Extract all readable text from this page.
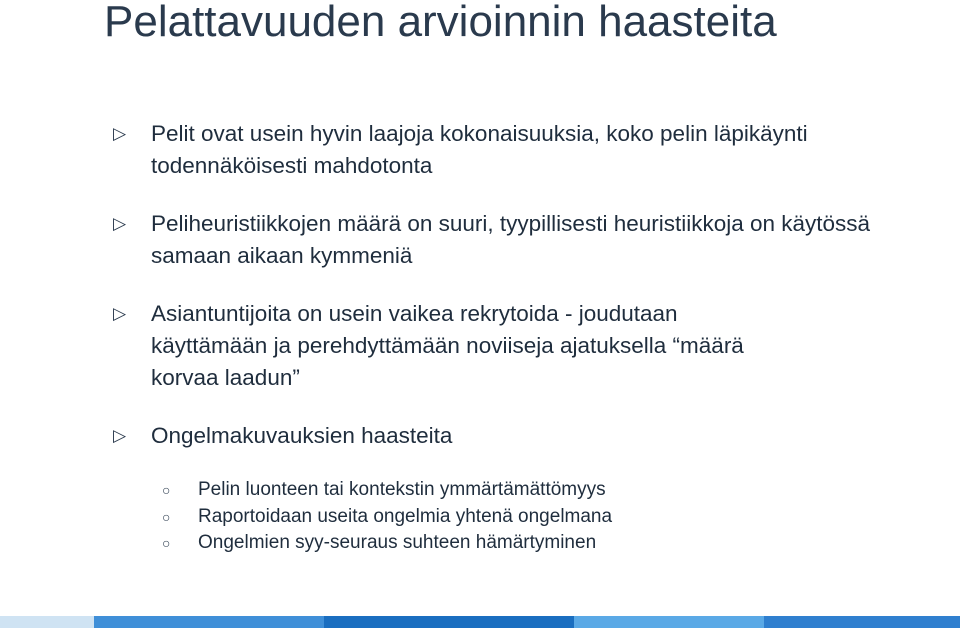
Pelattavuuden arvioinnin haasteita
▷ Pelit ovat usein hyvin laajoja kokonaisuuksia, koko pelin läpikäynti todennäköisesti mahdotonta
▷ Peliheuristiikkojen määrä on suuri, tyypillisesti heuristiikkoja on käytössä samaan aikaan kymmeniä
▷ Asiantuntijoita on usein vaikea rekrytoida - joudutaan käyttämään ja perehdyttämään noviiseja ajatuksella “määrä korvaa laadun”
▷ Ongelmakuvauksien haasteita
○ Pelin luonteen tai kontekstin ymmärtämättömyys
○ Raportoidaan useita ongelmia yhtenä ongelmana
○ Ongelmien syy-seuraus suhteen hämärtyminen
